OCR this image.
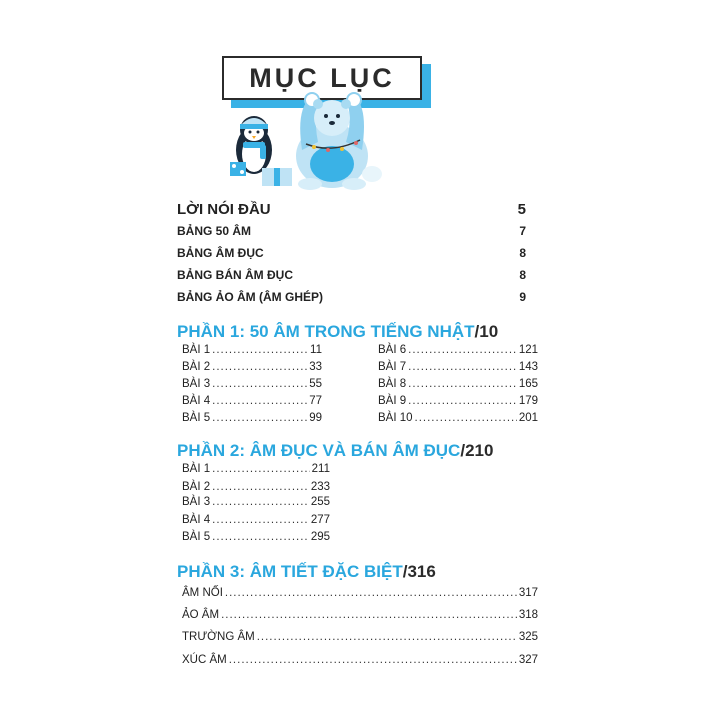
MỤC LỤC
LỜI NÓI ĐẦU	5
BẢNG 50 ÂM	7
BẢNG ÂM ĐỤC	8
BẢNG BÁN ÂM ĐỤC	8
BẢNG ẢO ÂM (ÂM GHÉP)	9
PHẦN 1: 50 ÂM TRONG TIẾNG NHẬT/10
BÀI 1 .....	11
BÀI 2 .....	33
BÀI 3 .....	55
BÀI 4 .....	77
BÀI 5 .....	99
BÀI 6 .....	121
BÀI 7 .....	143
BÀI 8 .....	165
BÀI 9 .....	179
BÀI 10 .....	201
PHẦN 2: ÂM ĐỤC VÀ BÁN ÂM ĐỤC/210
BÀI 1 .....	211
BÀI 2 .....	233
BÀI 3 .....	255
BÀI 4 .....	277
BÀI 5 .....	295
PHẦN 3: ÂM TIẾT ĐẶC BIỆT/316
ÂM NỐI .....	317
ẢO ÂM .....	318
TRƯỜNG ÂM .....	325
XÚC ÂM .....	327
